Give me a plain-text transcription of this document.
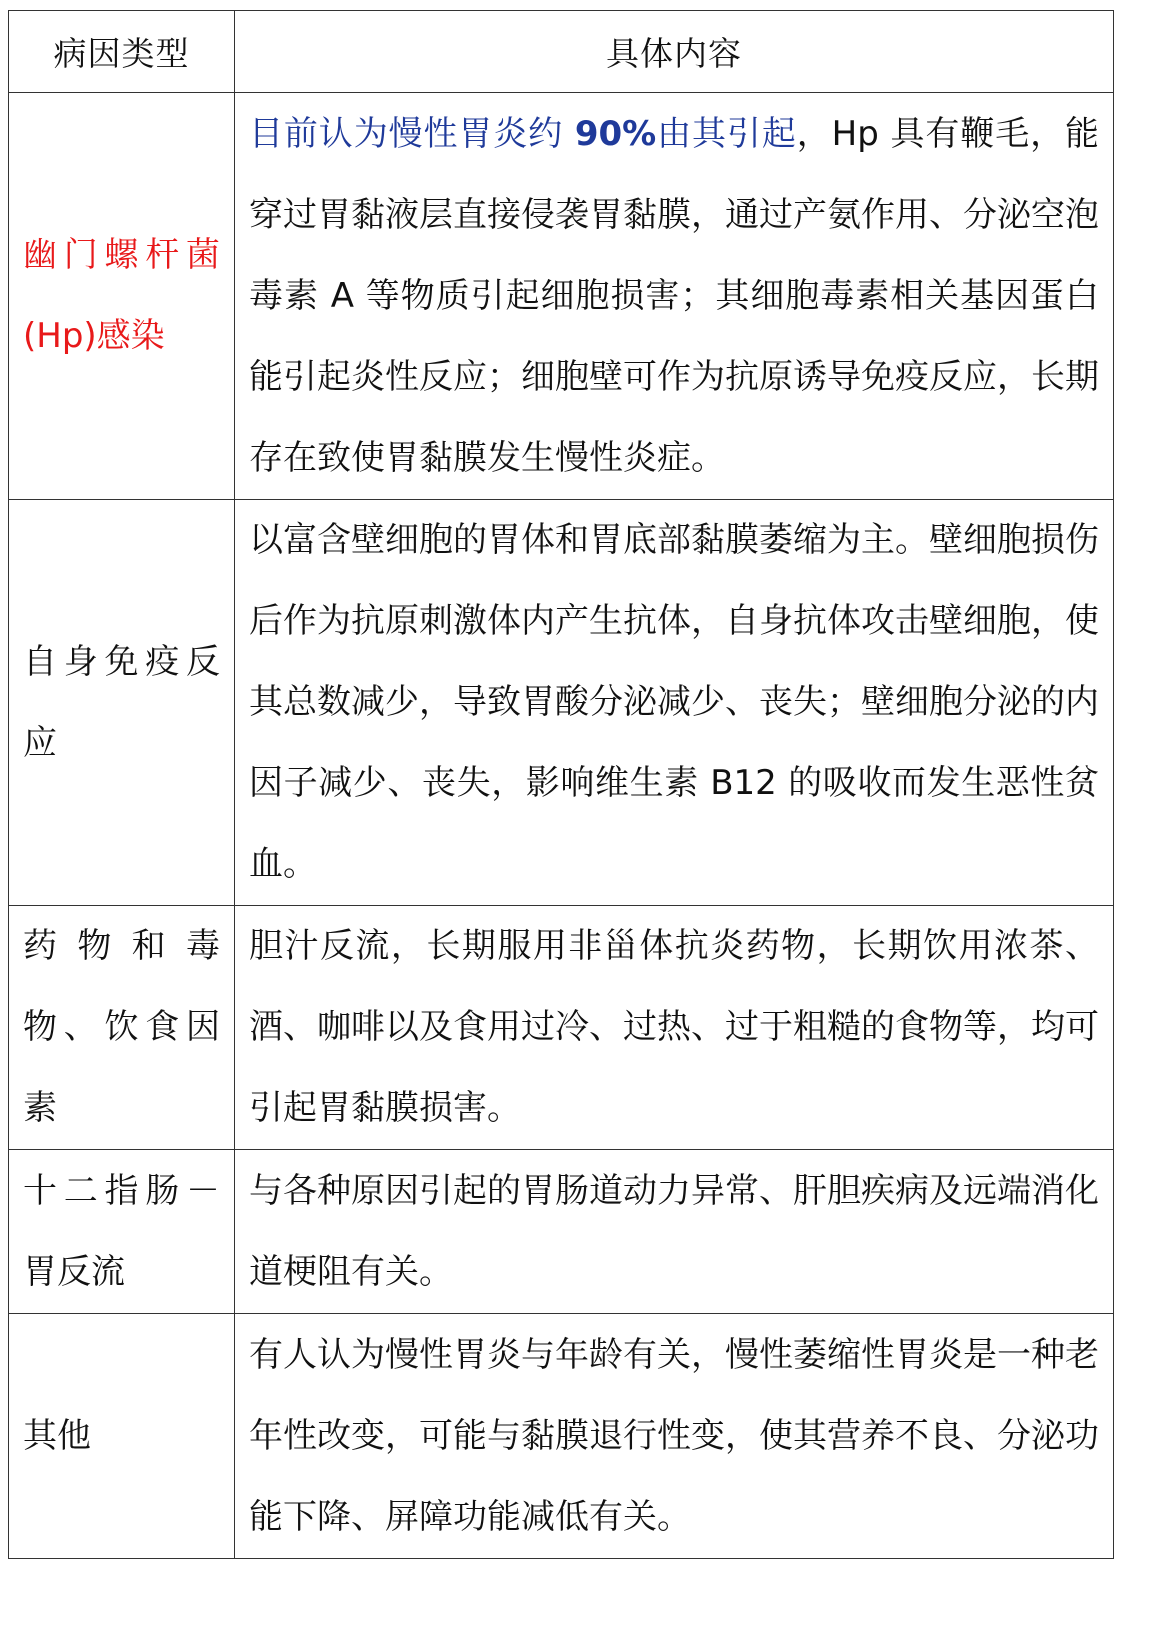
病因类型	具体内容
幽门螺杆菌(Hp)感染	目前认为慢性胃炎约 90%由其引起，Hp 具有鞭毛，能穿过胃黏液层直接侵袭胃黏膜，通过产氨作用、分泌空泡毒素 A 等物质引起细胞损害；其细胞毒素相关基因蛋白能引起炎性反应；细胞壁可作为抗原诱导免疫反应，长期存在致使胃黏膜发生慢性炎症。
自身免疫反应	以富含壁细胞的胃体和胃底部黏膜萎缩为主。壁细胞损伤后作为抗原刺激体内产生抗体，自身抗体攻击壁细胞，使其总数减少，导致胃酸分泌减少、丧失；壁细胞分泌的内因子减少、丧失，影响维生素 B12 的吸收而发生恶性贫血。
药物和毒物、饮食因素	胆汁反流，长期服用非甾体抗炎药物，长期饮用浓茶、酒、咖啡以及食用过冷、过热、过于粗糙的食物等，均可引起胃黏膜损害。
十二指肠－胃反流	与各种原因引起的胃肠道动力异常、肝胆疾病及远端消化道梗阻有关。
其他	有人认为慢性胃炎与年龄有关，慢性萎缩性胃炎是一种老年性改变，可能与黏膜退行性变，使其营养不良、分泌功能下降、屏障功能减低有关。
